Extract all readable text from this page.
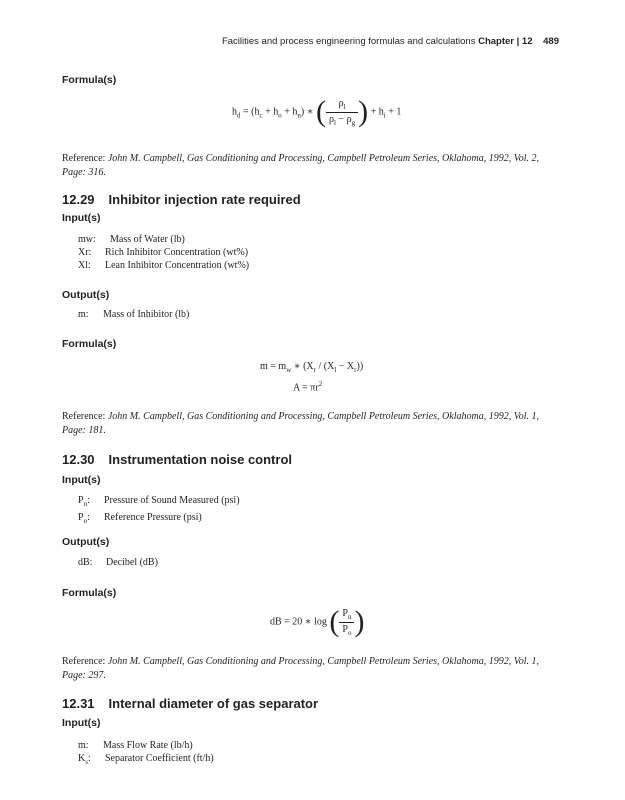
Facilities and process engineering formulas and calculations Chapter | 12 489
Formula(s)
$h_d = (h_c + h_o + h_n)$ ∗ ( $\frac{\rho_l}{\rho_l - \rho_g}$ ) + $h_i + 1$
Reference: John M. Campbell, Gas Conditioning and Processing, Campbell Petroleum Series, Oklahoma, 1992, Vol. 2, Page: 316.
12.29 Inhibitor injection rate required
Input(s)
mw: Mass of Water (lb)
Xr: Rich Inhibitor Concentration (wt%)
Xl: Lean Inhibitor Concentration (wt%)
Output(s)
m: Mass of Inhibitor (lb)
Formula(s)
$m = m_w$ ∗ $(X_r / (X_l - X_r))$
$A = \pi r^2$
Reference: John M. Campbell, Gas Conditioning and Processing, Campbell Petroleum Series, Oklahoma, 1992, Vol. 1, Page: 181.
12.30 Instrumentation noise control
Input(s)
$P_n$: Pressure of Sound Measured (psi)
$P_o$: Reference Pressure (psi)
Output(s)
dB: Decibel (dB)
Formula(s)
dB = 20 ∗ log ( $\frac{P_n}{P_o}$ )
Reference: John M. Campbell, Gas Conditioning and Processing, Campbell Petroleum Series, Oklahoma, 1992, Vol. 1, Page: 297.
12.31 Internal diameter of gas separator
Input(s)
m: Mass Flow Rate (lb/h)
$K_s$: Separator Coefficient (ft/h)
